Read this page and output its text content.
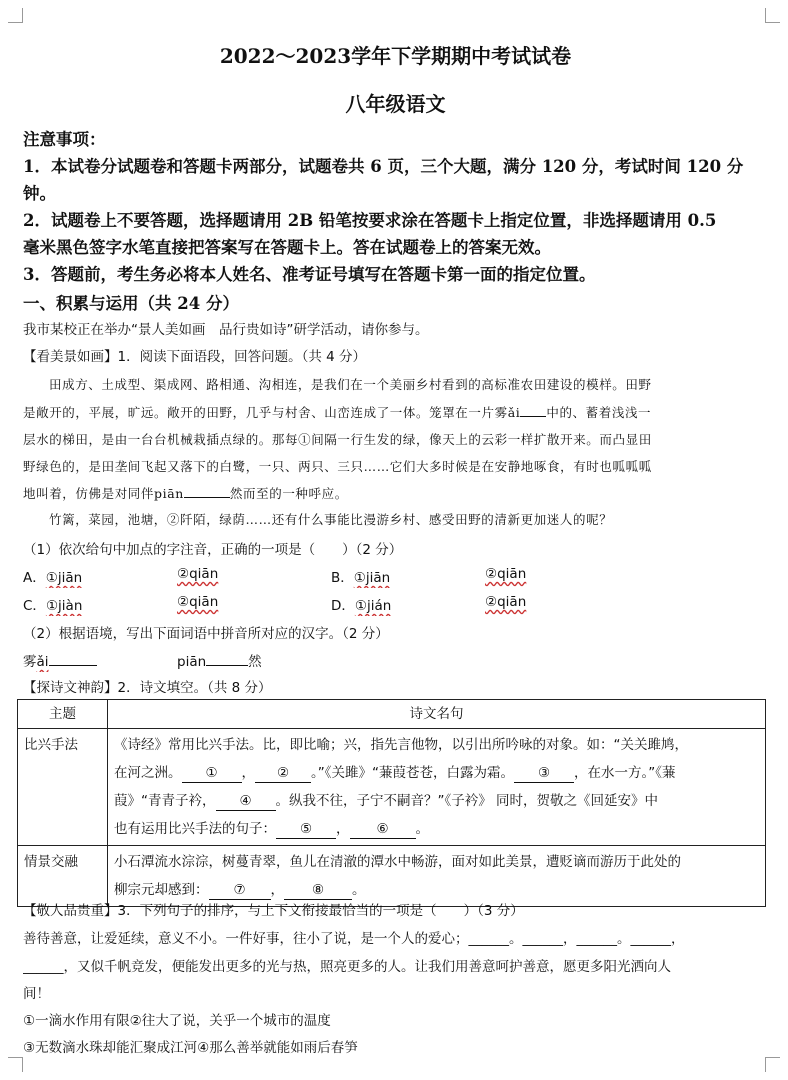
2022～2023学年下学期期中考试试卷
八年级语文
注意事项：
1．本试卷分试题卷和答题卡两部分，试题卷共 6 页，三个大题，满分 120 分，考试时间 120 分
钟。
2．试题卷上不要答题，选择题请用 2B 铅笔按要求涂在答题卡上指定位置，非选择题请用 0.5
毫米黑色签字水笔直接把答案写在答题卡上。答在试题卷上的答案无效。
3．答题前，考生务必将本人姓名、准考证号填写在答题卡第一面的指定位置。
一、积累与运用（共 24 分）
我市某校正在举办“景人美如画　品行贵如诗”研学活动，请你参与。
【看美景如画】1．阅读下面语段，回答问题。（共 4 分）
田成方、土成型、渠成网、路相通、沟相连，是我们在一个美丽乡村看到的高标准农田建设的模样。田野
是敞开的，平展，旷远。敞开的田野，几乎与村舍、山峦连成了一体。笼罩在一片雾ǎi 中的、蓄着浅浅一
层水的梯田，是由一台台机械栽插点绿的。那每①间隔一行生发的绿，像天上的云彩一样扩散开来。而凸显田
野绿色的，是田垄间飞起又落下的白鹭，一只、两只、三只……它们大多时候是在安静地啄食，有时也呱呱呱
地叫着，仿佛是对同伴piān	然而至的一种呼应。
竹篱，菜园，池塘，②阡陌，绿荫……还有什么事能比漫游乡村、感受田野的清新更加迷人的呢？
（1）依次给句中加点的字注音，正确的一项是（　　）（2 分）
A．①jiān	②qiān	B．①jiān	②qiān
C．①jiàn	②qiān	D．①jián	②qiān
（2）根据语境，写出下面词语中拼音所对应的汉字。（2 分）
雾ǎi	piān	然
【探诗文神韵】2．诗文填空。（共 8 分）
主题	诗文名句
比兴手法	《诗经》常用比兴手法。比，即比喻；兴，指先言他物，以引出所吟咏的对象。如：“关关雎鸠，
在河之洲。 ① ， ② 。”《关雎》“蒹葭苍苍，白露为霜。 ③ ，在水一方。”《蒹
葭》“青青子衿， ④ 。纵我不往，子宁不嗣音？”《子衿》 同时，贺敬之《回延安》中
也有运用比兴手法的句子： ⑤ ， ⑥ 。

情景交融	小石潭流水淙淙，树蔓青翠，鱼儿在清澈的潭水中畅游，面对如此美景，遭贬谪而游历于此处的
柳宗元却感到： ⑦ ， ⑧ 。
【敬人品贵重】3．下列句子的排序，与上下文衔接最恰当的一项是（　　）（3 分）
善待善意，让爱延续，意义不小。一件好事，往小了说，是一个人的爱心；______。______，______。______，
______，又似千帆竞发，便能发出更多的光与热，照亮更多的人。让我们用善意呵护善意，愿更多阳光洒向人
间！
①一滴水作用有限②往大了说，关乎一个城市的温度
③无数滴水珠却能汇聚成江河④那么善举就能如雨后春笋
